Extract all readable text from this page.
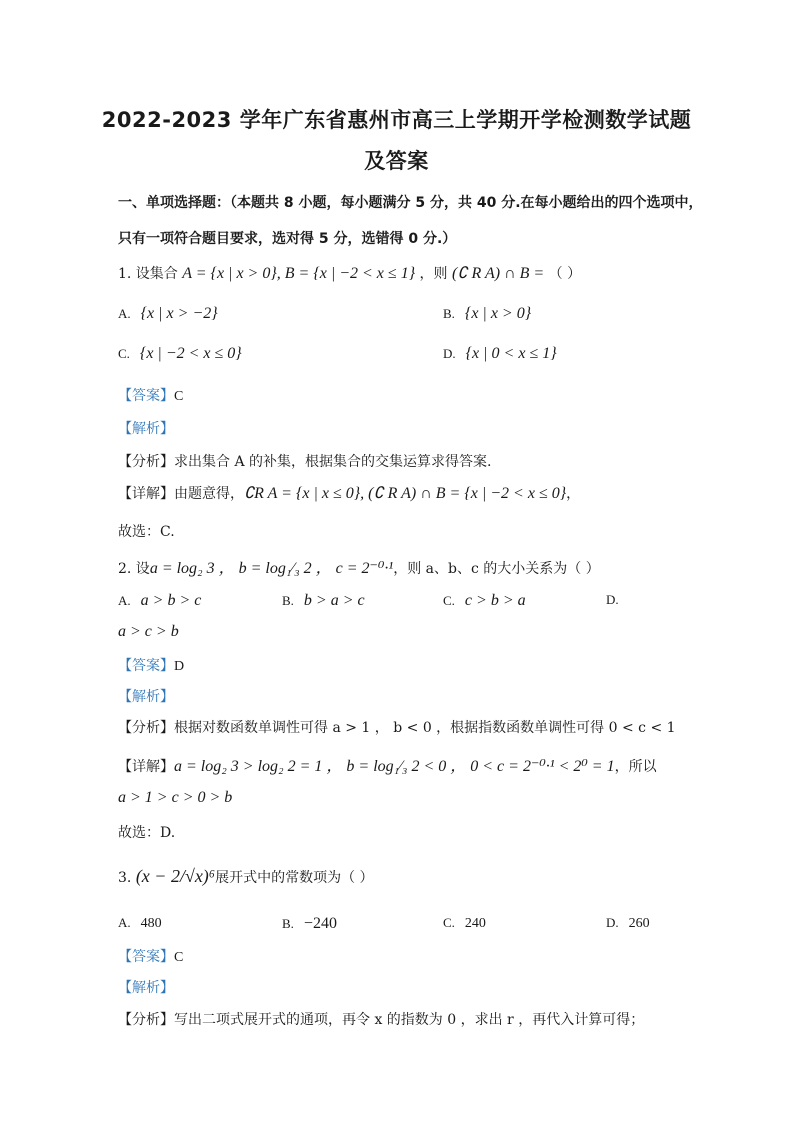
2022-2023 学年广东省惠州市高三上学期开学检测数学试题
及答案
一、单项选择题：（本题共 8 小题，每小题满分 5 分，共 40 分.在每小题给出的四个选项中，
只有一项符合题目要求，选对得 5 分，选错得 0 分.）
1. 设集合 A = {x | x > 0}, B = {x | −2 < x ≤ 1} ，则 (∁ R A) ∩ B = （ ）
A. {x | x > −2}	B. {x | x > 0}
C. {x | −2 < x ≤ 0}	D. {x | 0 < x ≤ 1}
【答案】C
【解析】
【分析】求出集合 A 的补集，根据集合的交集运算求得答案.
【详解】由题意得，∁R A = {x | x ≤ 0}, (∁ R A) ∩ B = {x | −2 < x ≤ 0}，
故选：C.
2. 设a = log₂ 3 ， b = log₁⁄₃ 2 ， c = 2⁻⁰·¹，则 a、b、c 的大小关系为（ ）
A. a > b > c	B. b > a > c	C. c > b > a	D.
a > c > b
【答案】D
【解析】
【分析】根据对数函数单调性可得 a > 1 ， b < 0 ，根据指数函数单调性可得 0 < c < 1
【详解】a = log₂ 3 > log₂ 2 = 1 ， b = log₁⁄₃ 2 < 0 ， 0 < c = 2⁻⁰·¹ < 2⁰ = 1，所以
a > 1 > c > 0 > b
故选：D.
3. (x − 2/√x)⁶展开式中的常数项为（ ）
A. 480	B. −240	C. 240	D. 260
【答案】C
【解析】
【分析】写出二项式展开式的通项，再令 x 的指数为 0 ，求出 r ，再代入计算可得；
